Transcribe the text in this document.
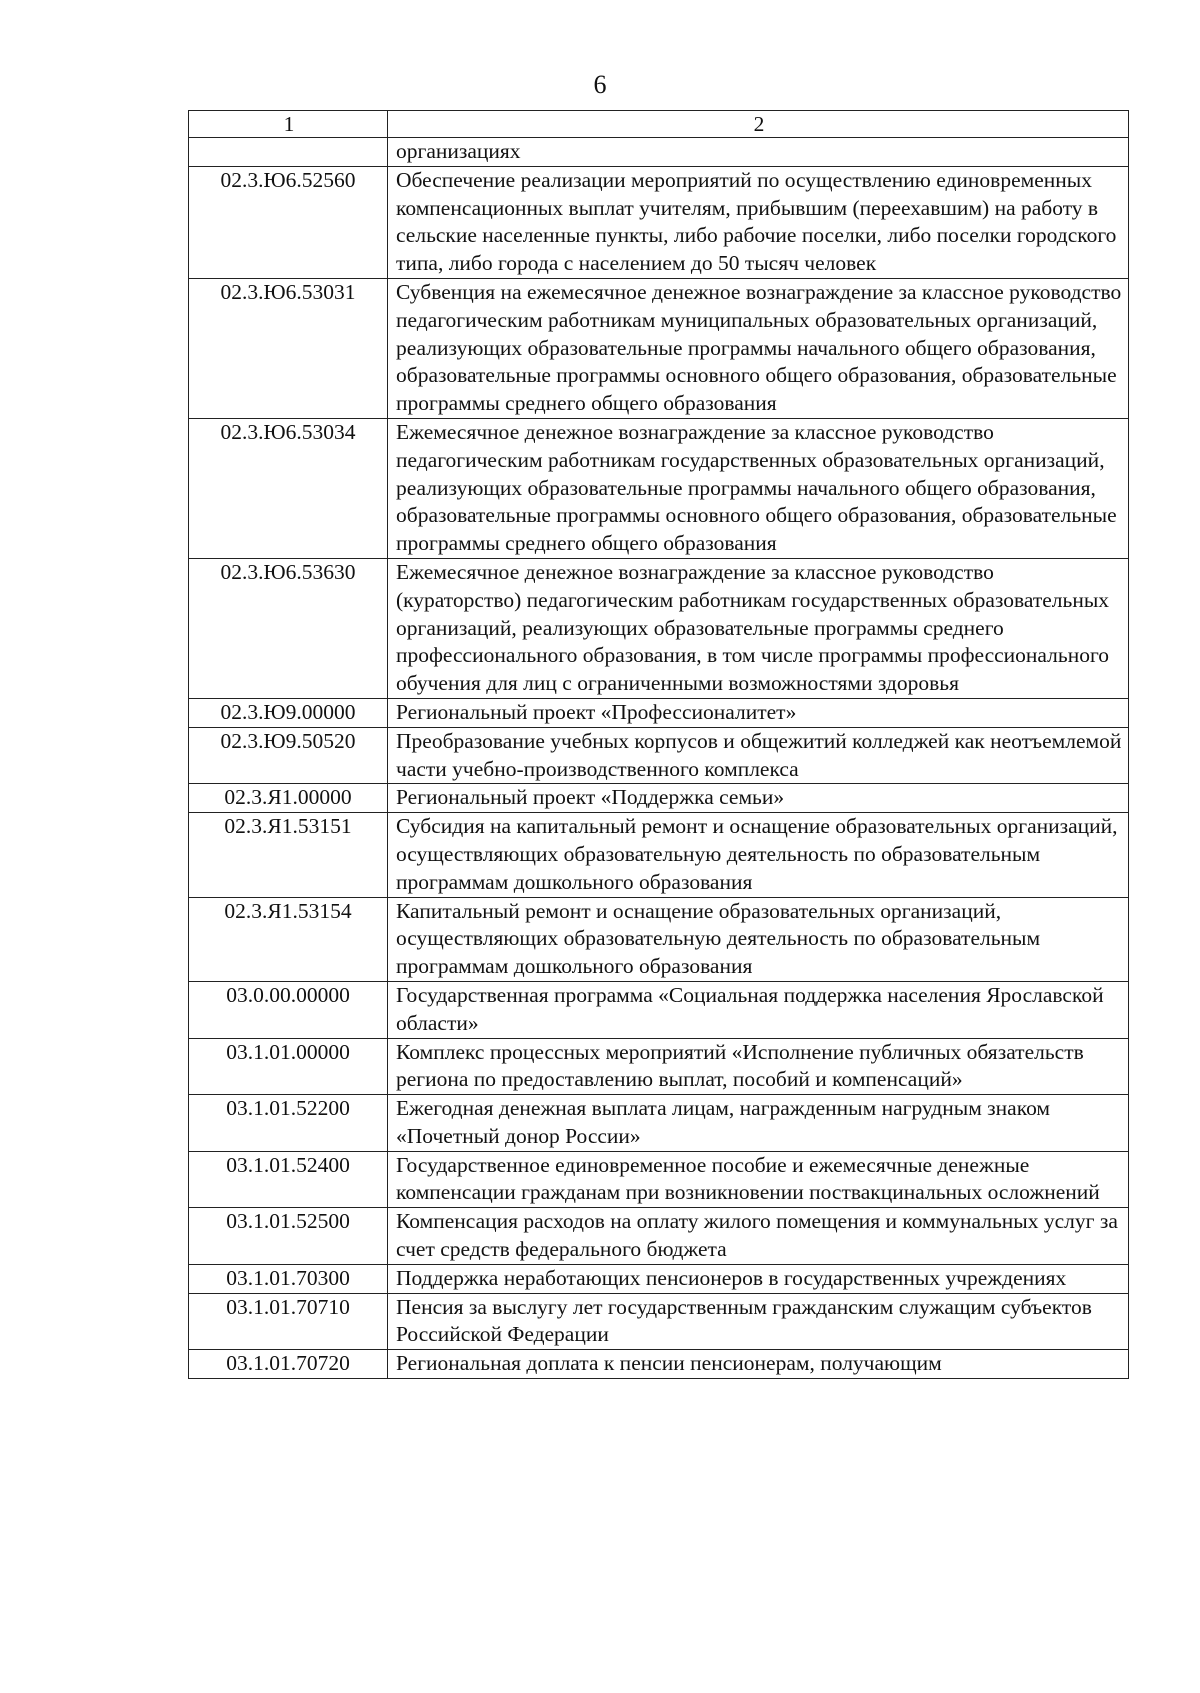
6
1	2
	организациях
02.3.Ю6.52560	Обеспечение реализации мероприятий по осуществлению единовременных компенсационных выплат учителям, прибывшим (переехавшим) на работу в сельские населенные пункты, либо рабочие поселки, либо поселки городского типа, либо города с населением до 50 тысяч человек
02.3.Ю6.53031	Субвенция на ежемесячное денежное вознаграждение за классное руководство педагогическим работникам муниципальных образовательных организаций, реализующих образовательные программы начального общего образования, образовательные программы основного общего образования, образовательные программы среднего общего образования
02.3.Ю6.53034	Ежемесячное денежное вознаграждение за классное руководство педагогическим работникам государственных образовательных организаций, реализующих образовательные программы начального общего образования, образовательные программы основного общего образования, образовательные программы среднего общего образования
02.3.Ю6.53630	Ежемесячное денежное вознаграждение за классное руководство (кураторство) педагогическим работникам государственных образовательных организаций, реализующих образовательные программы среднего профессионального образования, в том числе программы профессионального обучения для лиц с ограниченными возможностями здоровья
02.3.Ю9.00000	Региональный проект «Профессионалитет»
02.3.Ю9.50520	Преобразование учебных корпусов и общежитий колледжей как неотъемлемой части учебно-производственного комплекса
02.3.Я1.00000	Региональный проект «Поддержка семьи»
02.3.Я1.53151	Субсидия на капитальный ремонт и оснащение образовательных организаций, осуществляющих образовательную деятельность по образовательным программам дошкольного образования
02.3.Я1.53154	Капитальный ремонт и оснащение образовательных организаций, осуществляющих образовательную деятельность по образовательным программам дошкольного образования
03.0.00.00000	Государственная программа «Социальная поддержка населения Ярославской области»
03.1.01.00000	Комплекс процессных мероприятий «Исполнение публичных обязательств региона по предоставлению выплат, пособий и компенсаций»
03.1.01.52200	Ежегодная денежная выплата лицам, награжденным нагрудным знаком «Почетный донор России»
03.1.01.52400	Государственное единовременное пособие и ежемесячные денежные компенсации гражданам при возникновении поствакцинальных осложнений
03.1.01.52500	Компенсация расходов на оплату жилого помещения и коммунальных услуг за счет средств федерального бюджета
03.1.01.70300	Поддержка неработающих пенсионеров в государственных учреждениях
03.1.01.70710	Пенсия за выслугу лет государственным гражданским служащим субъектов Российской Федерации
03.1.01.70720	Региональная доплата к пенсии пенсионерам, получающим
